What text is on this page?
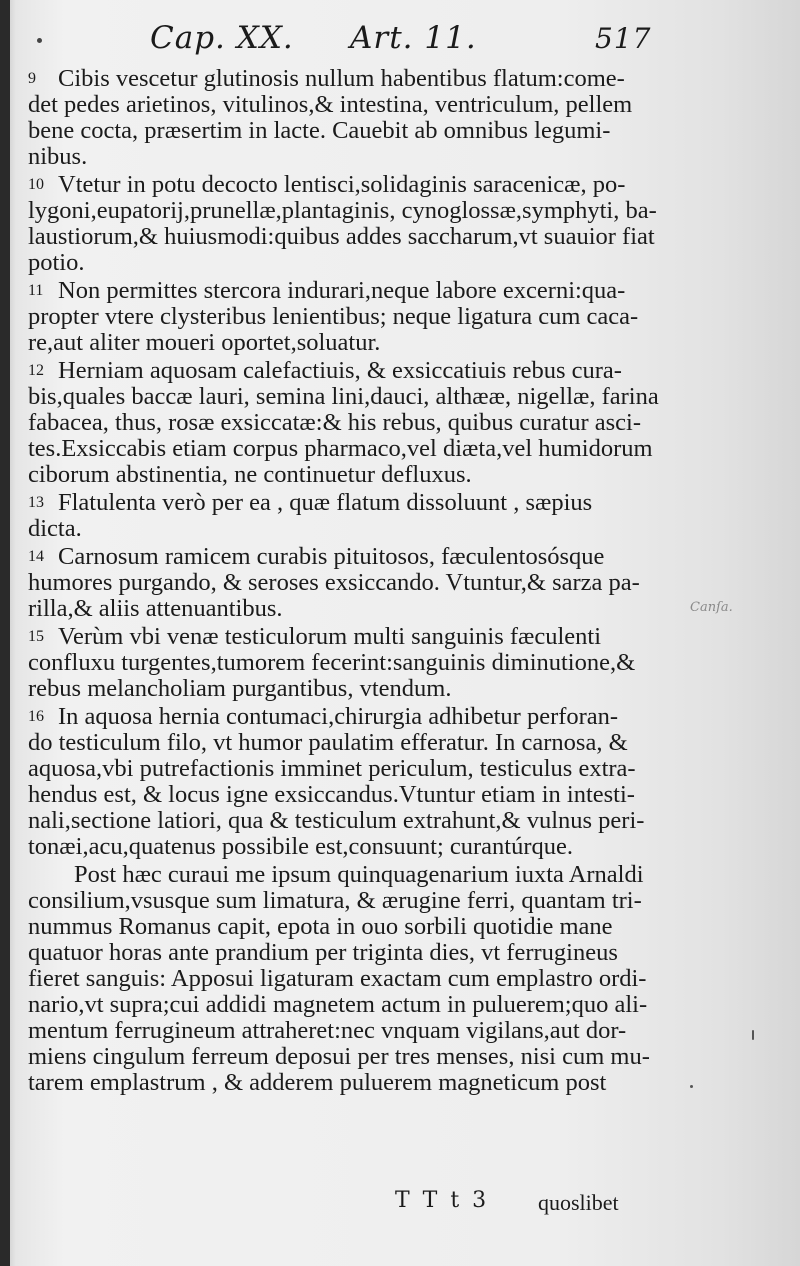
Cap. XX. Art. 11.	517
9 Cibis vescetur glutinosis nullum habentibus flatum:come-
det pedes arietinos, vitulinos,& intestina, ventriculum, pellem
bene cocta, præsertim in lacte. Cauebit ab omnibus legumi-
nibus.
10 Vtetur in potu decocto lentisci,solidaginis saracenicæ, po-
lygoni,eupatorij,prunellæ,plantaginis, cynoglossæ,symphyti, ba-
laustiorum,& huiusmodi:quibus addes saccharum,vt suauior fiat
potio.
11 Non permittes stercora indurari,neque labore excerni:qua-
propter vtere clysteribus lenientibus; neque ligatura cum caca-
re,aut aliter moueri oportet,soluatur.
12 Herniam aquosam calefactiuis, & exsiccatiuis rebus cura-
bis,quales baccæ lauri, semina lini,dauci, althææ, nigellæ, farina
fabacea, thus, rosæ exsiccatæ:& his rebus, quibus curatur asci-
tes.Exsiccabis etiam corpus pharmaco,vel diæta,vel humidorum
ciborum abstinentia, ne continuetur defluxus.
13 Flatulenta verò per ea , quæ flatum dissoluunt , sæpius
dicta.
14 Carnosum ramicem curabis pituitosos, fæculentosósque
humores purgando, & seroses exsiccando. Vtuntur,& sarza pa-
rilla,& aliis attenuantibus.
15 Verùm vbi venæ testiculorum multi sanguinis fæculenti
confluxu turgentes,tumorem fecerint:sanguinis diminutione,&
rebus melancholiam purgantibus, vtendum.
16 In aquosa hernia contumaci,chirurgia adhibetur perforan-
do testiculum filo, vt humor paulatim efferatur. In carnosa, &
aquosa,vbi putrefactionis imminet periculum, testiculus extra-
hendus est, & locus igne exsiccandus.Vtuntur etiam in intesti-
nali,sectione latiori, qua & testiculum extrahunt,& vulnus peri-
tonæi,acu,quatenus possibile est,consuunt; curantúrque.
Post hæc curaui me ipsum quinquagenarium iuxta Arnaldi
consilium,vsusque sum limatura, & ærugine ferri, quantam tri-
nummus Romanus capit, epota in ouo sorbili quotidie mane
quatuor horas ante prandium per triginta dies, vt ferrugineus
fieret sanguis: Apposui ligaturam exactam cum emplastro ordi-
nario,vt supra;cui addidi magnetem actum in puluerem;quo ali-
mentum ferrugineum attraheret:nec vnquam vigilans,aut dor-
miens cingulum ferreum deposui per tres menses, nisi cum mu-
tarem emplastrum , & adderem puluerem magneticum post
Canſa.
T T t 3 quoslibet
